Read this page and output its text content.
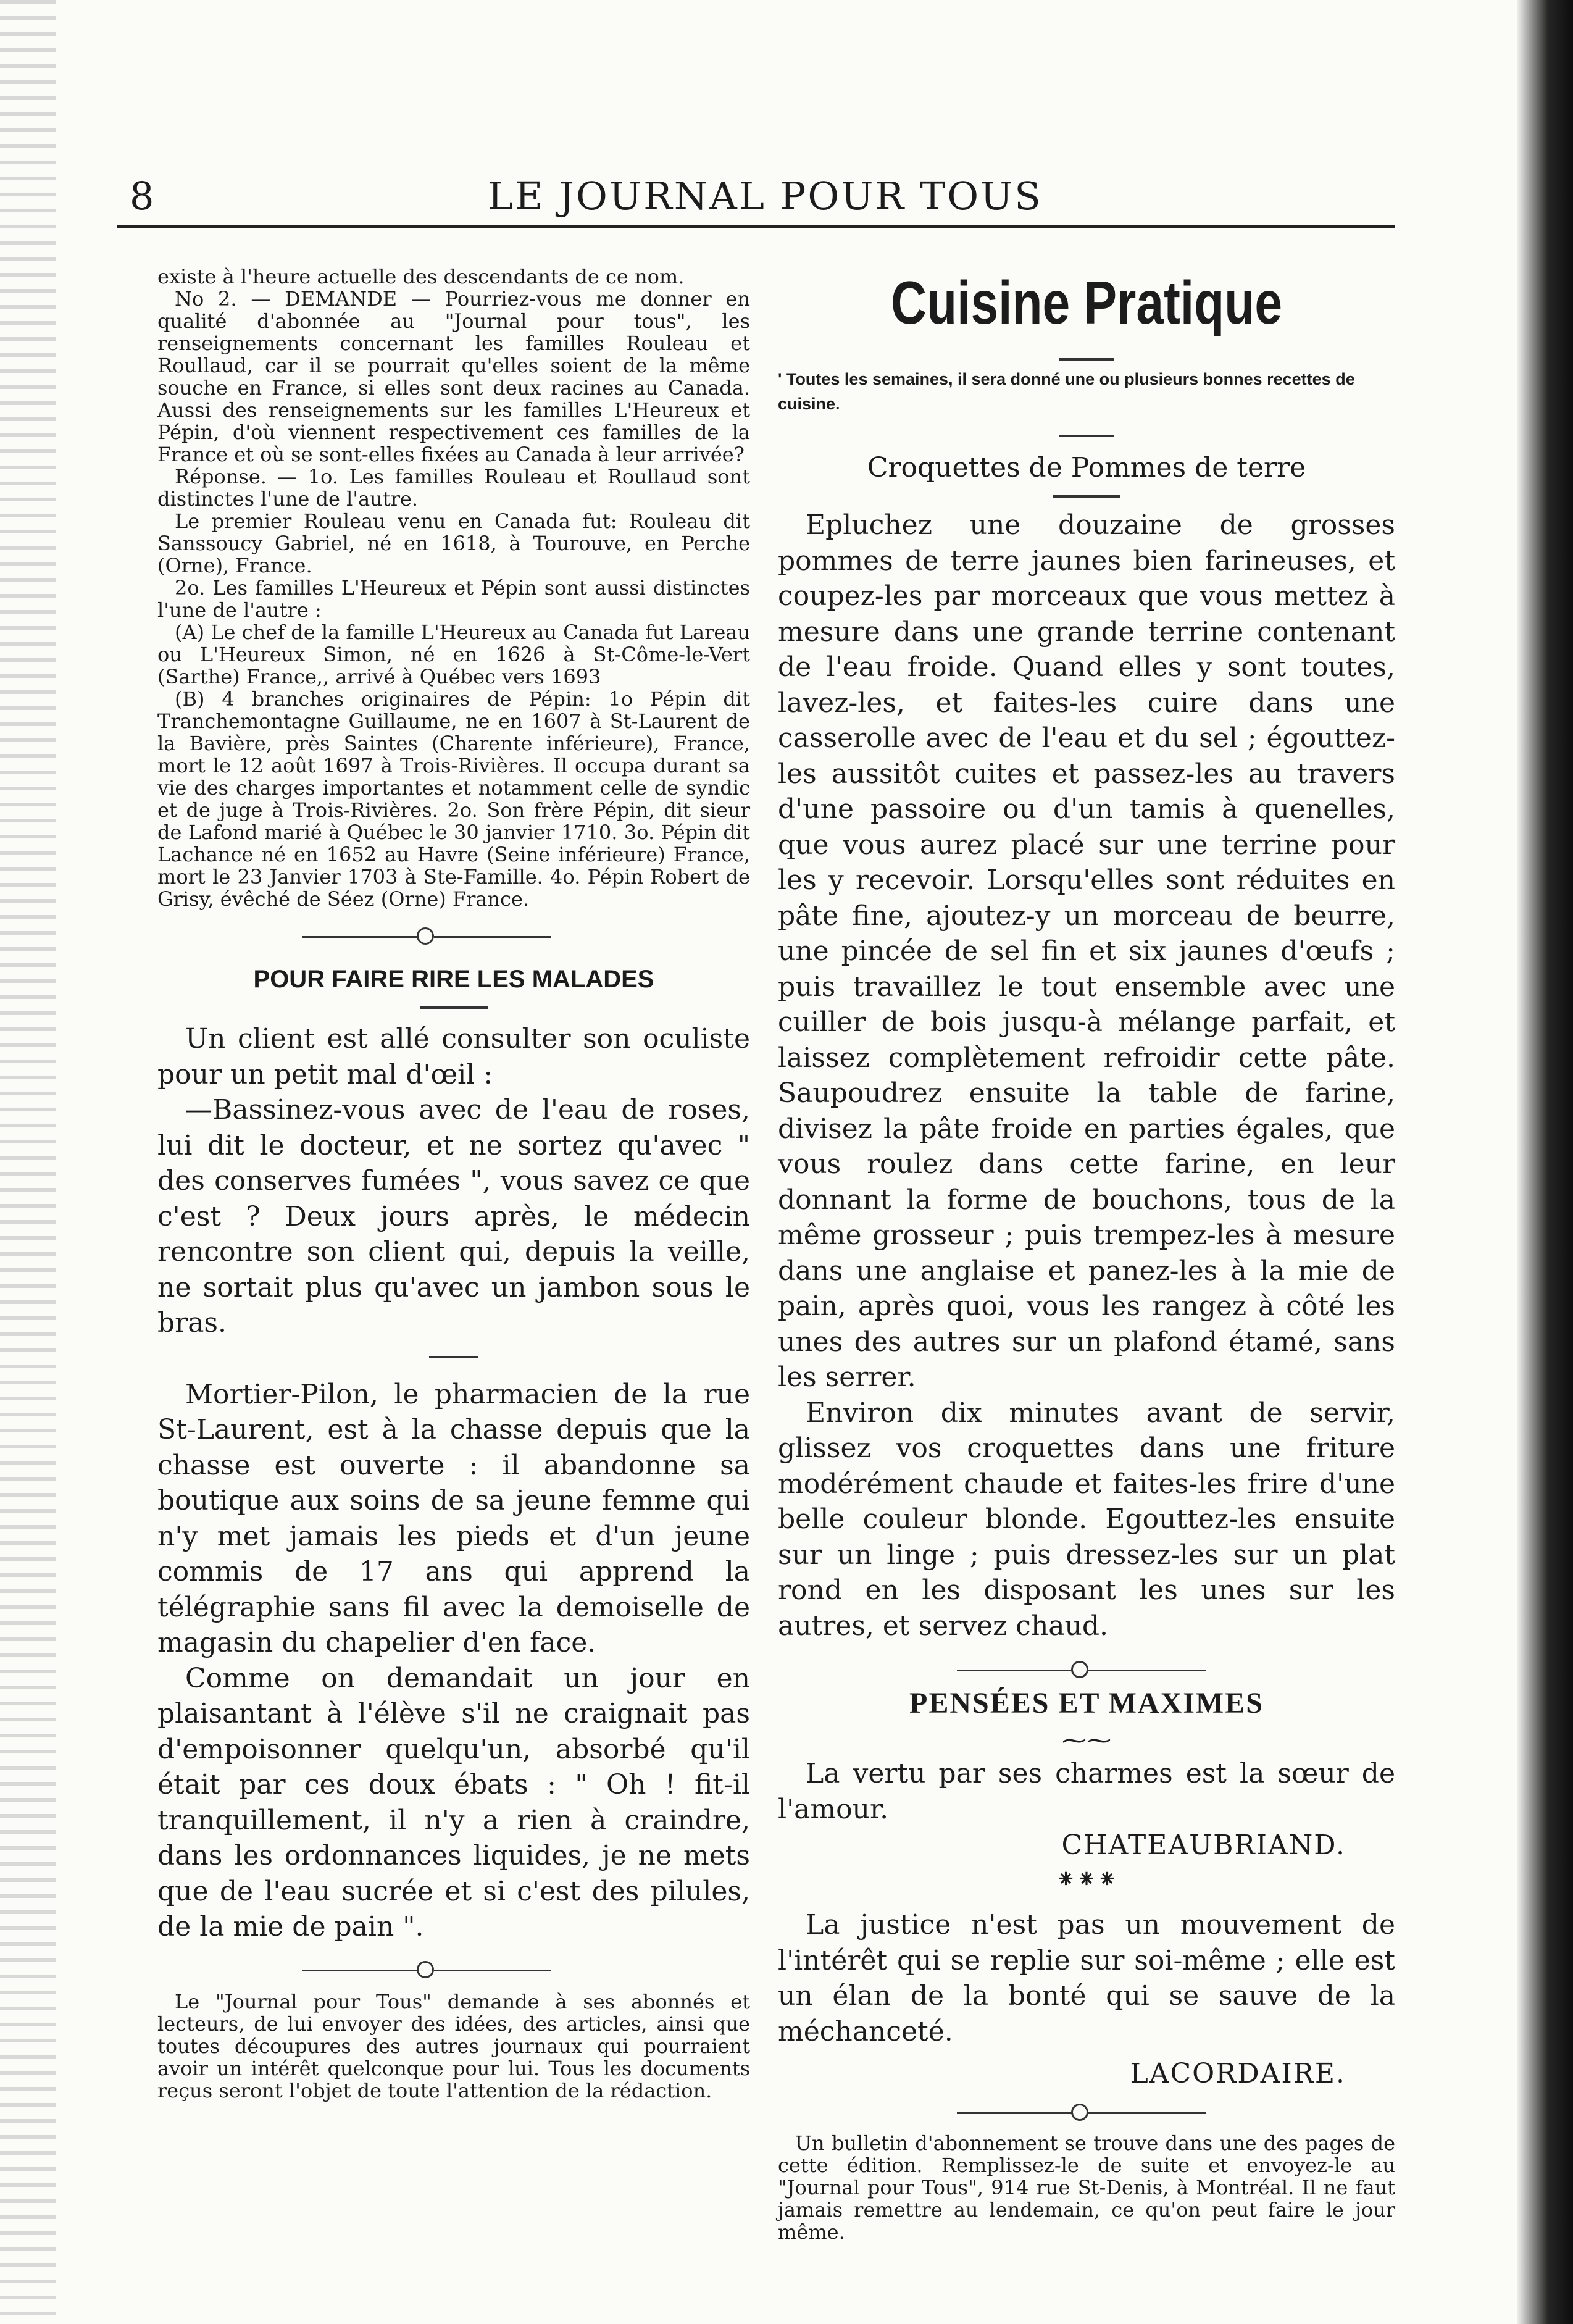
8	LE JOURNAL POUR TOUS

existe à l'heure actuelle des descendants de ce nom.

No 2. — DEMANDE — Pourriez-vous me donner en qualité d'abonnée au "Journal pour tous", les renseignements concernant les familles Rouleau et Roullaud, car il se pourrait qu'elles soient de la même souche en France, si elles sont deux racines au Canada. Aussi des renseignements sur les familles L'Heureux et Pépin, d'où viennent respectivement ces familles de la France et où se sont-elles fixées au Canada à leur arrivée?

Réponse. — 1o. Les familles Rouleau et Roullaud sont distinctes l'une de l'autre.

Le premier Rouleau venu en Canada fut: Rouleau dit Sanssoucy Gabriel, né en 1618, à Tourouve, en Perche (Orne), France.

2o. Les familles L'Heureux et Pépin sont aussi distinctes l'une de l'autre :

(A) Le chef de la famille L'Heureux au Canada fut Lareau ou L'Heureux Simon, né en 1626 à St-Côme-le-Vert (Sarthe) France,, arrivé à Québec vers 1693

(B) 4 branches originaires de Pépin: 1o Pépin dit Tranchemontagne Guillaume, ne en 1607 à St-Laurent de la Bavière, près Saintes (Charente inférieure), France, mort le 12 août 1697 à Trois-Rivières. Il occupa durant sa vie des charges importantes et notamment celle de syndic et de juge à Trois-Rivières. 2o. Son frère Pépin, dit sieur de Lafond marié à Québec le 30 janvier 1710. 3o. Pépin dit Lachance né en 1652 au Havre (Seine inférieure) France, mort le 23 Janvier 1703 à Ste-Famille. 4o. Pépin Robert de Grisy, évêché de Séez (Orne) France.

POUR FAIRE RIRE LES MALADES

Un client est allé consulter son oculiste pour un petit mal d'œil :

—Bassinez-vous avec de l'eau de roses, lui dit le docteur, et ne sortez qu'avec " des conserves fumées ", vous savez ce que c'est ? Deux jours après, le médecin rencontre son client qui, depuis la veille, ne sortait plus qu'avec un jambon sous le bras.

Mortier-Pilon, le pharmacien de la rue St-Laurent, est à la chasse depuis que la chasse est ouverte : il abandonne sa boutique aux soins de sa jeune femme qui n'y met jamais les pieds et d'un jeune commis de 17 ans qui apprend la télégraphie sans fil avec la demoiselle de magasin du chapelier d'en face.

Comme on demandait un jour en plaisantant à l'élève s'il ne craignait pas d'empoisonner quelqu'un, absorbé qu'il était par ces doux ébats : " Oh ! fit-il tranquillement, il n'y a rien à craindre, dans les ordonnances liquides, je ne mets que de l'eau sucrée et si c'est des pilules, de la mie de pain ".

Le "Journal pour Tous" demande à ses abonnés et lecteurs, de lui envoyer des idées, des articles, ainsi que toutes découpures des autres journaux qui pourraient avoir un intérêt quelconque pour lui. Tous les documents reçus seront l'objet de toute l'attention de la rédaction.

Cuisine Pratique

' Toutes les semaines, il sera donné une ou plusieurs bonnes recettes de cuisine.

Croquettes de Pommes de terre

Epluchez une douzaine de grosses pommes de terre jaunes bien farineuses, et coupez-les par morceaux que vous mettez à mesure dans une grande terrine contenant de l'eau froide. Quand elles y sont toutes, lavez-les, et faites-les cuire dans une casserolle avec de l'eau et du sel ; égouttez-les aussitôt cuites et passez-les au travers d'une passoire ou d'un tamis à quenelles, que vous aurez placé sur une terrine pour les y recevoir. Lorsqu'elles sont réduites en pâte fine, ajoutez-y un morceau de beurre, une pincée de sel fin et six jaunes d'œufs ; puis travaillez le tout ensemble avec une cuiller de bois jusqu-à mélange parfait, et laissez complètement refroidir cette pâte. Saupoudrez ensuite la table de farine, divisez la pâte froide en parties égales, que vous roulez dans cette farine, en leur donnant la forme de bouchons, tous de la même grosseur ; puis trempez-les à mesure dans une anglaise et panez-les à la mie de pain, après quoi, vous les rangez à côté les unes des autres sur un plafond étamé, sans les serrer.

Environ dix minutes avant de servir, glissez vos croquettes dans une friture modérément chaude et faites-les frire d'une belle couleur blonde. Egouttez-les ensuite sur un linge ; puis dressez-les sur un plat rond en les disposant les unes sur les autres, et servez chaud.

PENSÉES ET MAXIMES

⁓⁓

La vertu par ses charmes est la sœur de l'amour.

CHATEAUBRIAND.

⁕⁕⁕

La justice n'est pas un mouvement de l'intérêt qui se replie sur soi-même ; elle est un élan de la bonté qui se sauve de la méchanceté.

LACORDAIRE.

Un bulletin d'abonnement se trouve dans une des pages de cette édition. Remplissez-le de suite et envoyez-le au "Journal pour Tous", 914 rue St-Denis, à Montréal. Il ne faut jamais remettre au lendemain, ce qu'on peut faire le jour même.
